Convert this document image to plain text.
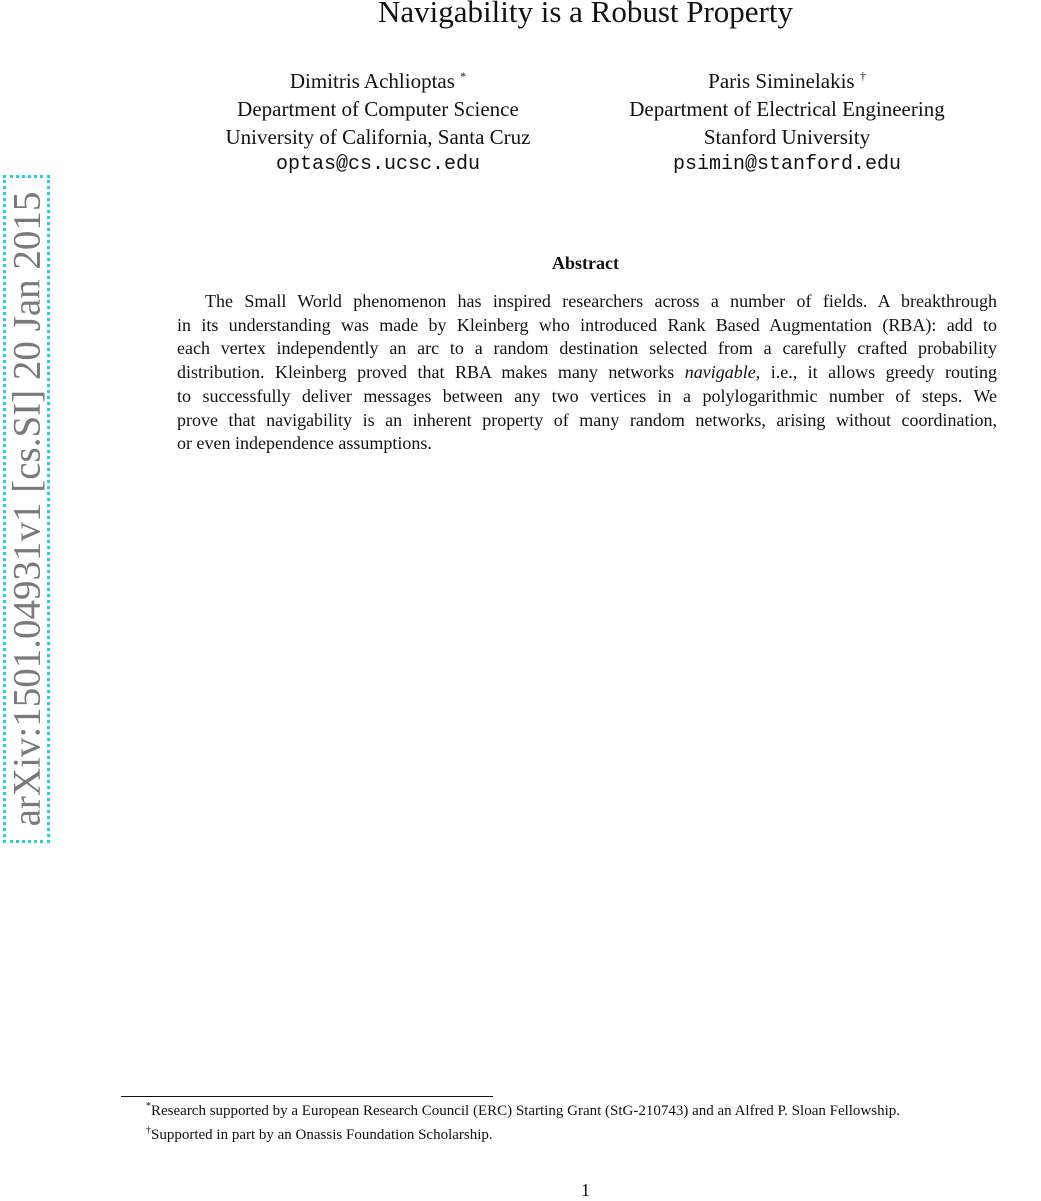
arXiv:1501.04931v1 [cs.SI] 20 Jan 2015
Navigability is a Robust Property
Dimitris Achlioptas *
Department of Computer Science
University of California, Santa Cruz
optas@cs.ucsc.edu
Paris Siminelakis †
Department of Electrical Engineering
Stanford University
psimin@stanford.edu
Abstract
The Small World phenomenon has inspired researchers across a number of fields. A breakthrough
in its understanding was made by Kleinberg who introduced Rank Based Augmentation (RBA): add to
each vertex independently an arc to a random destination selected from a carefully crafted probability
distribution. Kleinberg proved that RBA makes many networks navigable, i.e., it allows greedy routing
to successfully deliver messages between any two vertices in a polylogarithmic number of steps. We
prove that navigability is an inherent property of many random networks, arising without coordination,
or even independence assumptions.
*Research supported by a European Research Council (ERC) Starting Grant (StG-210743) and an Alfred P. Sloan Fellowship.
†Supported in part by an Onassis Foundation Scholarship.
1
